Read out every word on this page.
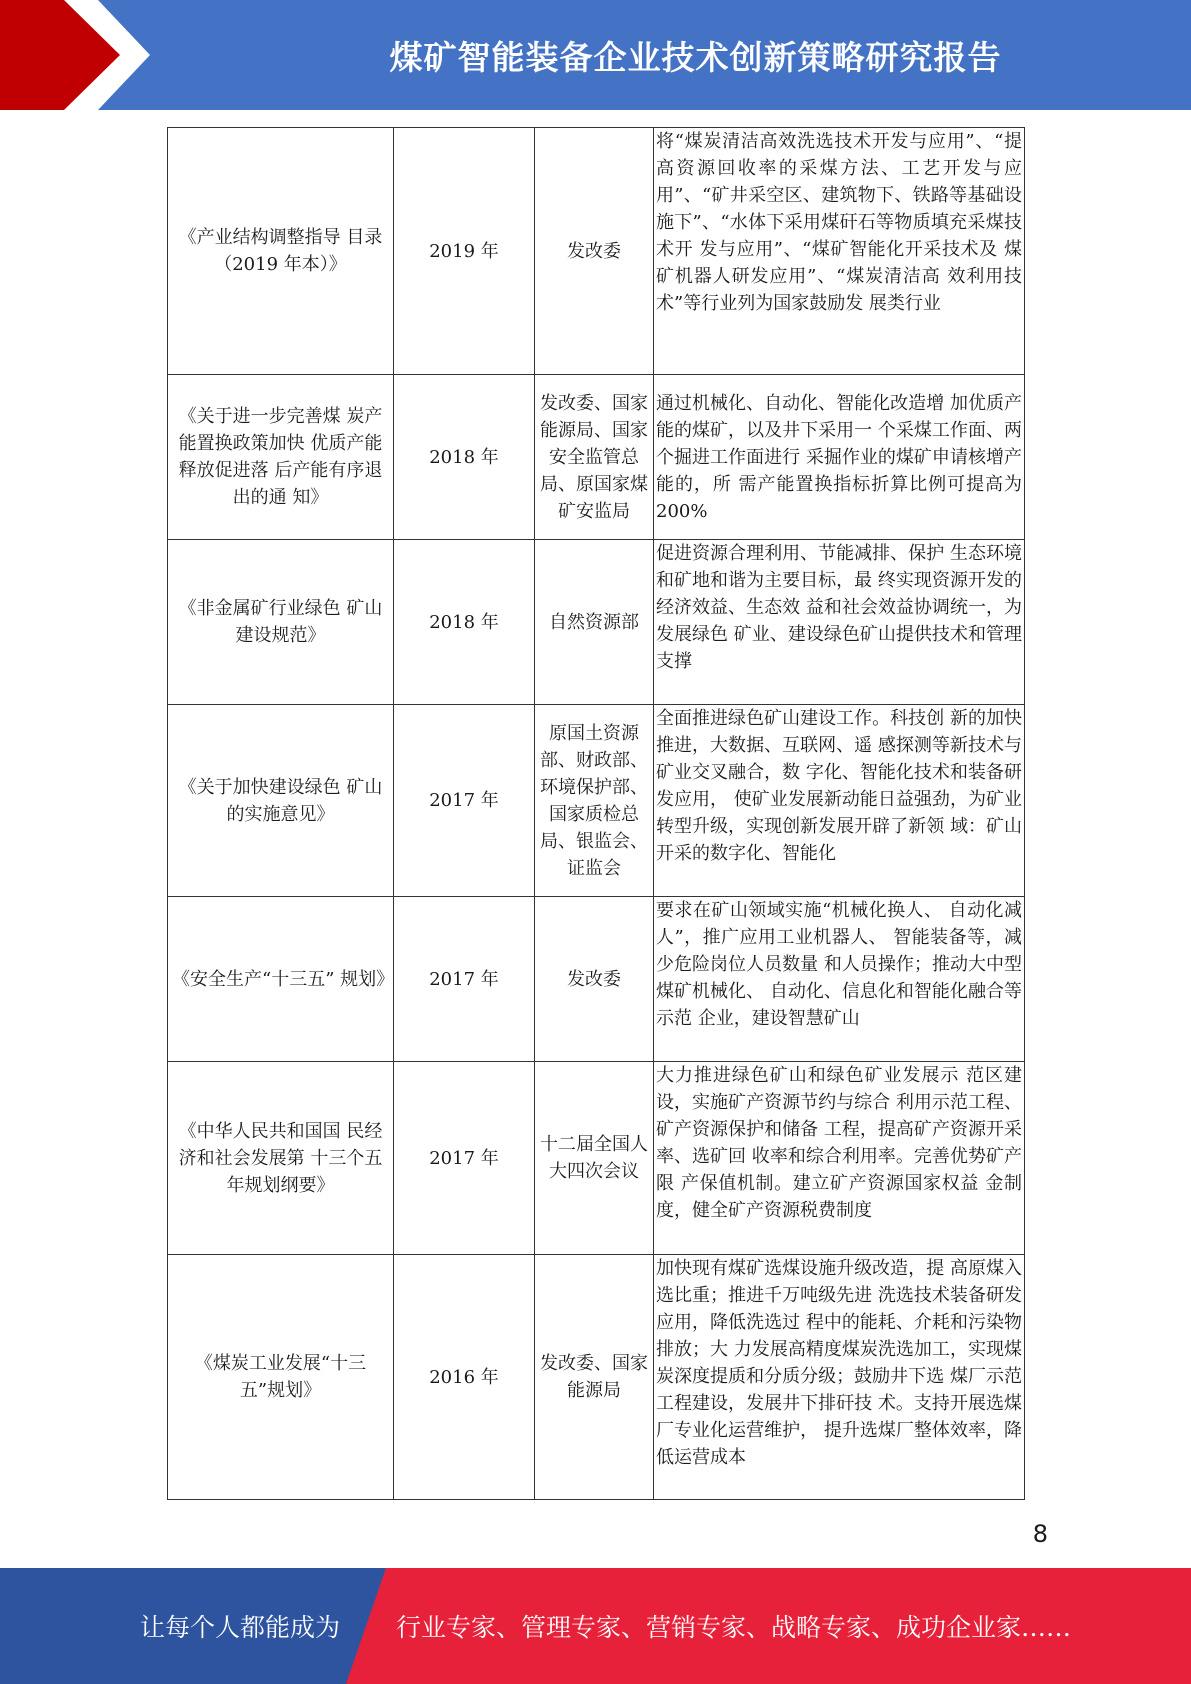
煤矿智能装备企业技术创新策略研究报告
《产业结构调整指导 目录（2019 年本）》	2019 年	发改委	将“煤炭清洁高效洗选技术开发与应用”、“提高资源回收率的采煤方法、工艺开发与应用”、“矿井采空区、建筑物下、铁路等基础设施下”、“水体下采用煤矸石等物质填充采煤技术开 发与应用”、“煤矿智能化开采技术及 煤矿机器人研发应用”、“煤炭清洁高 效利用技术”等行业列为国家鼓励发 展类行业
《关于进一步完善煤 炭产能置换政策加快 优质产能释放促进落 后产能有序退出的通 知》	2018 年	发改委、国家能源局、国家安全监管总局、原国家煤矿安监局	通过机械化、自动化、智能化改造增 加优质产能的煤矿，以及井下采用一 个采煤工作面、两个掘进工作面进行 采掘作业的煤矿申请核增产能的，所 需产能置换指标折算比例可提高为 200%
《非金属矿行业绿色 矿山建设规范》	2018 年	自然资源部	促进资源合理利用、节能减排、保护 生态环境和矿地和谐为主要目标，最 终实现资源开发的经济效益、生态效 益和社会效益协调统一，为发展绿色 矿业、建设绿色矿山提供技术和管理 支撑
《关于加快建设绿色 矿山的实施意见》	2017 年	原国土资源部、财政部、环境保护部、国家质检总局、银监会、证监会	全面推进绿色矿山建设工作。科技创 新的加快推进，大数据、互联网、遥 感探测等新技术与矿业交叉融合，数 字化、智能化技术和装备研发应用， 使矿业发展新动能日益强劲，为矿业 转型升级，实现创新发展开辟了新领 域：矿山开采的数字化、智能化
《安全生产“十三五” 规划》	2017 年	发改委	要求在矿山领域实施“机械化换人、 自动化减人”，推广应用工业机器人、 智能装备等，减少危险岗位人员数量 和人员操作；推动大中型煤矿机械化、 自动化、信息化和智能化融合等示范 企业，建设智慧矿山
《中华人民共和国国 民经济和社会发展第 十三个五年规划纲要》	2017 年	十二届全国人大四次会议	大力推进绿色矿山和绿色矿业发展示 范区建设，实施矿产资源节约与综合 利用示范工程、矿产资源保护和储备 工程，提高矿产资源开采率、选矿回 收率和综合利用率。完善优势矿产限 产保值机制。建立矿产资源国家权益 金制度，健全矿产资源税费制度
《煤炭工业发展“十三 五”规划》	2016 年	发改委、国家能源局	加快现有煤矿选煤设施升级改造，提 高原煤入选比重；推进千万吨级先进 洗选技术装备研发应用，降低洗选过 程中的能耗、介耗和污染物排放；大 力发展高精度煤炭洗选加工，实现煤 炭深度提质和分质分级；鼓励井下选 煤厂示范工程建设，发展井下排矸技 术。支持开展选煤厂专业化运营维护， 提升选煤厂整体效率，降低运营成本
8
让每个人都能成为 行业专家、管理专家、营销专家、战略专家、成功企业家……
